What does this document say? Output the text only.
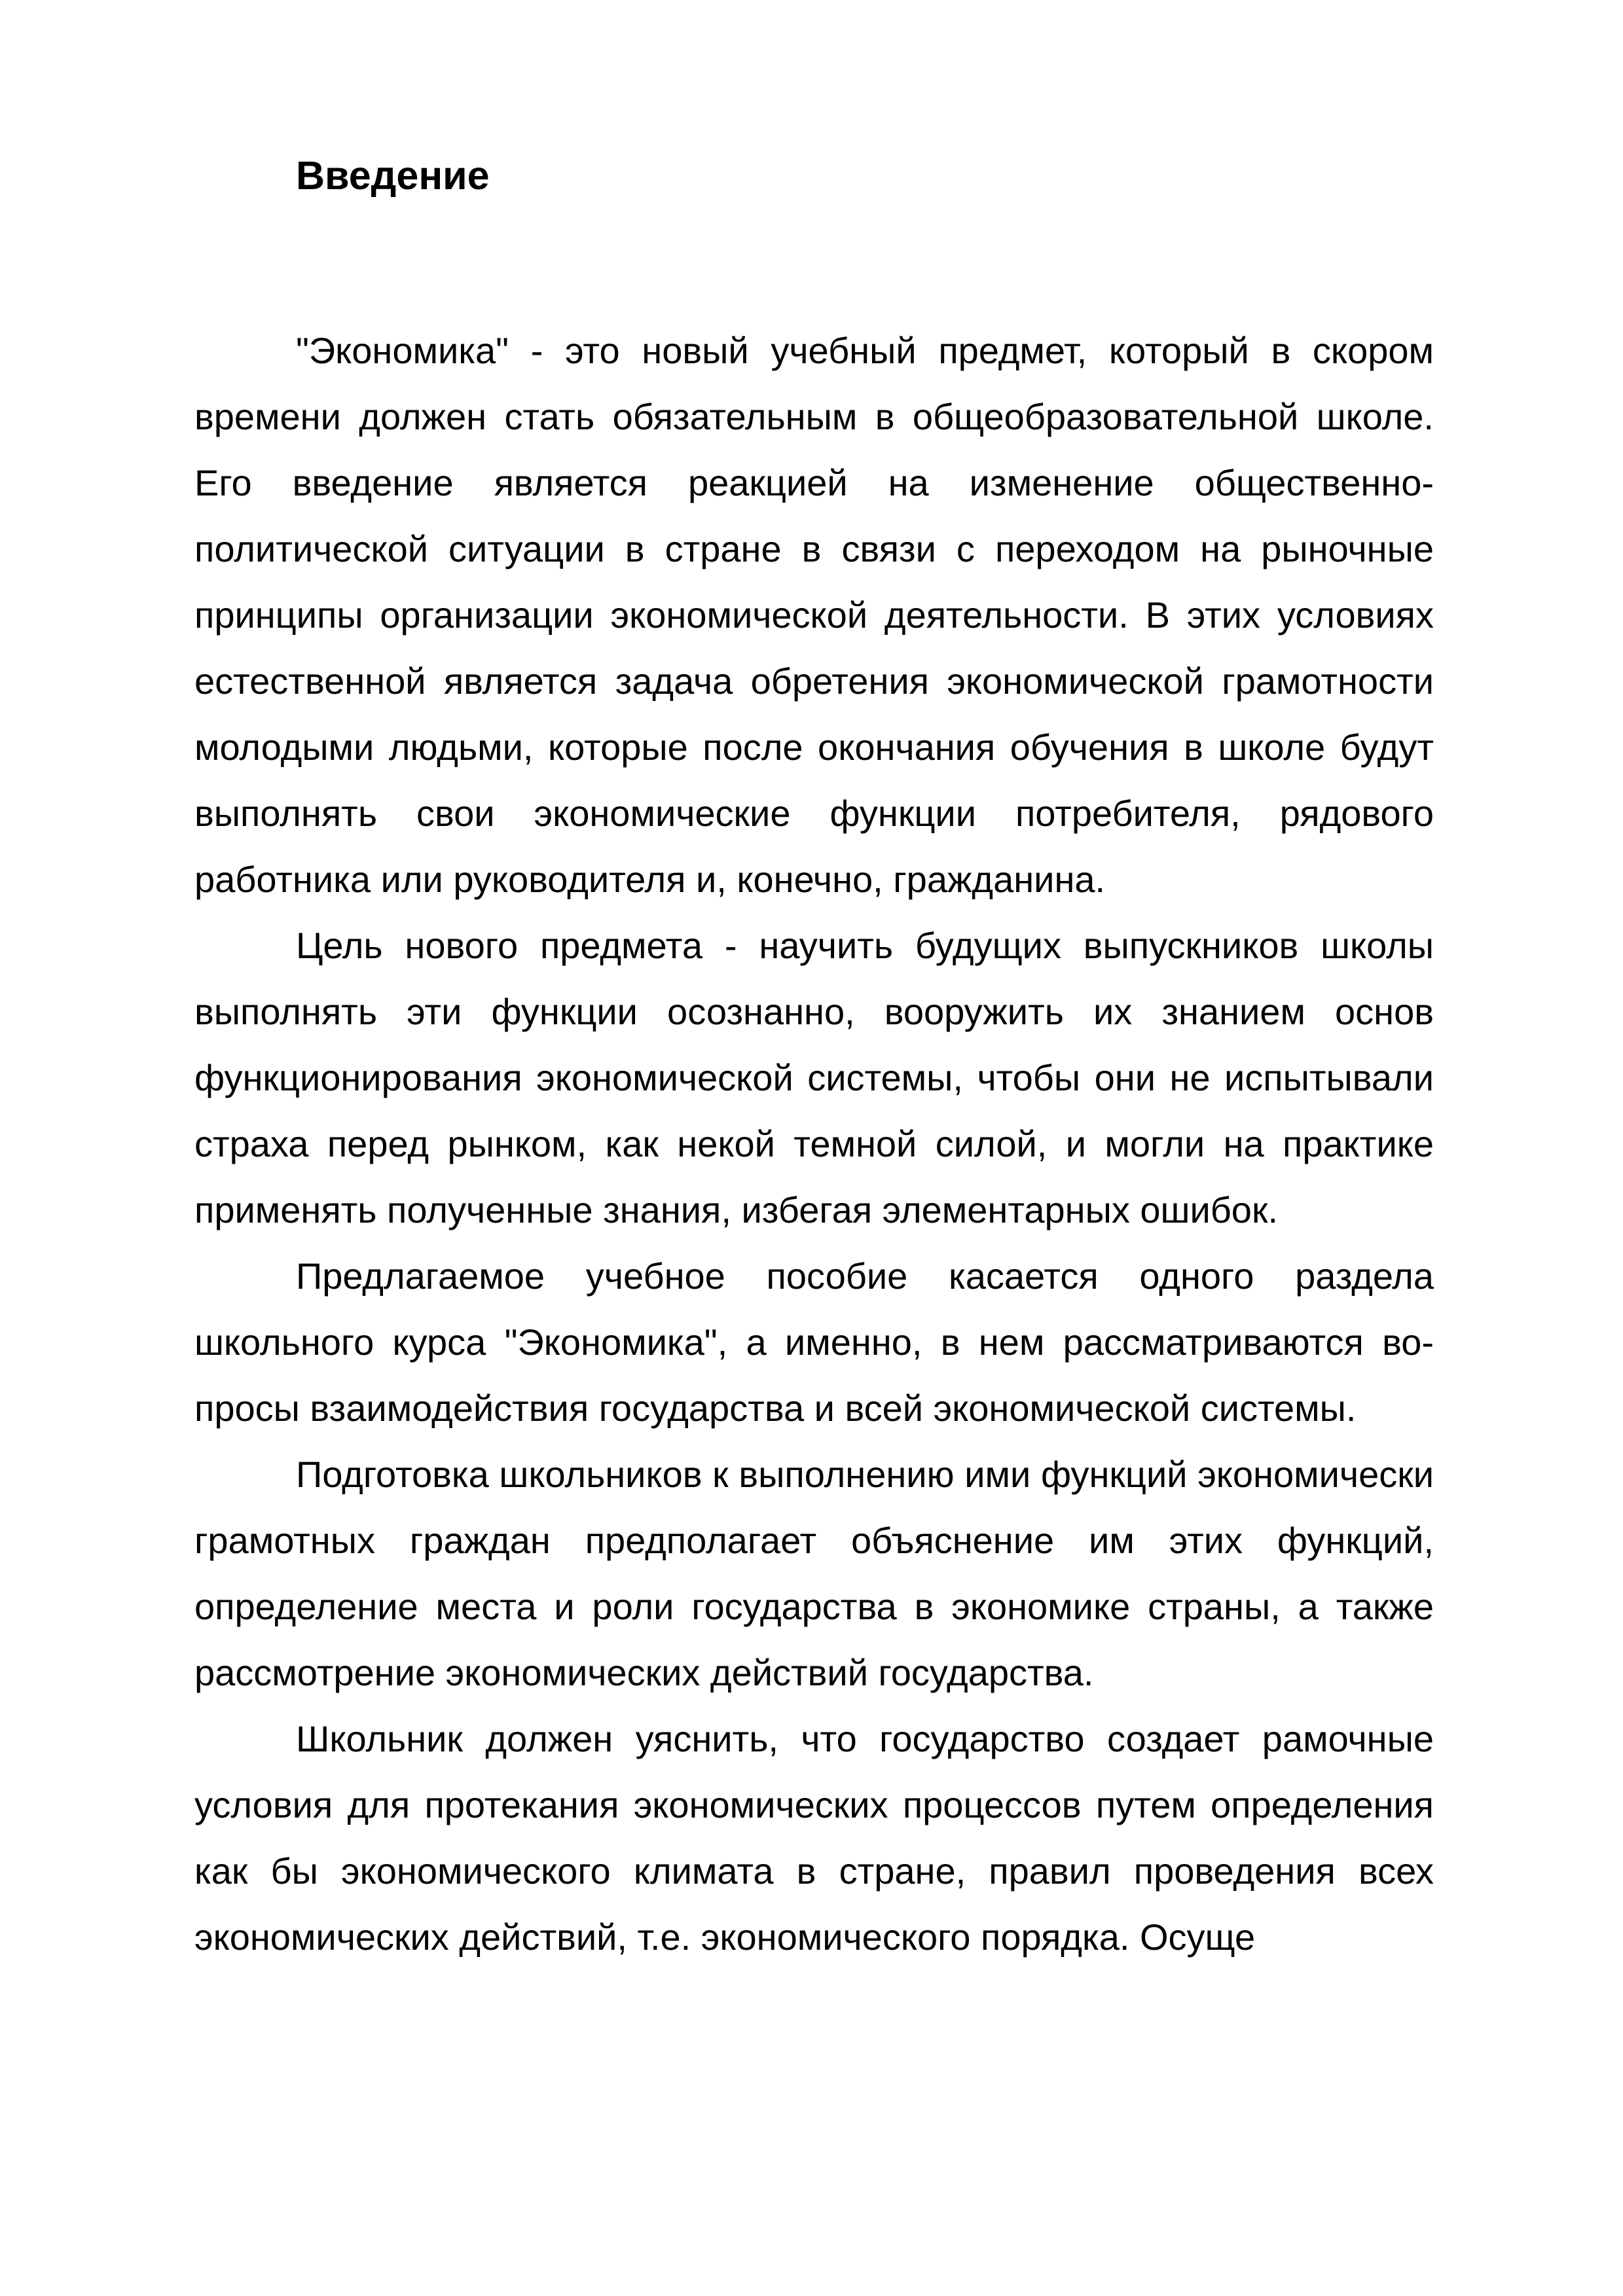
Введение

"Экономика" - это новый учебный предмет, который в скором времени должен стать обязательным в общеобразовательной школе. Его введение является реакцией на изменение общественно-политической ситуации в стране в связи с переходом на рыночные принципы организации экономической деятельности. В этих условиях естественной является задача обретения экономической грамотности молодыми людьми, которые после окончания обучения в школе будут выполнять свои экономические функции потребителя, рядового работника или руководителя и, конечно, гражданина.

Цель нового предмета - научить будущих выпускников школы выполнять эти функции осознанно, вооружить их знанием основ функционирования экономической системы, чтобы они не испытывали страха перед рынком, как некой темной силой, и могли на практике применять полученные знания, избегая элементарных ошибок.

Предлагаемое учебное пособие касается одного раздела школьного курса "Экономика", а именно, в нем рассматриваются вопросы взаимодействия государства и всей экономической системы.

Подготовка школьников к выполнению ими функций экономически грамотных граждан предполагает объяснение им этих функций, определение места и роли государства в экономике страны, а также рассмотрение экономических действий государства.

Школьник должен уяснить, что государство создает рамочные условия для протекания экономических процессов путем определения как бы экономического климата в стране, правил проведения всех экономических действий, т.е. экономического порядка. Осуще
